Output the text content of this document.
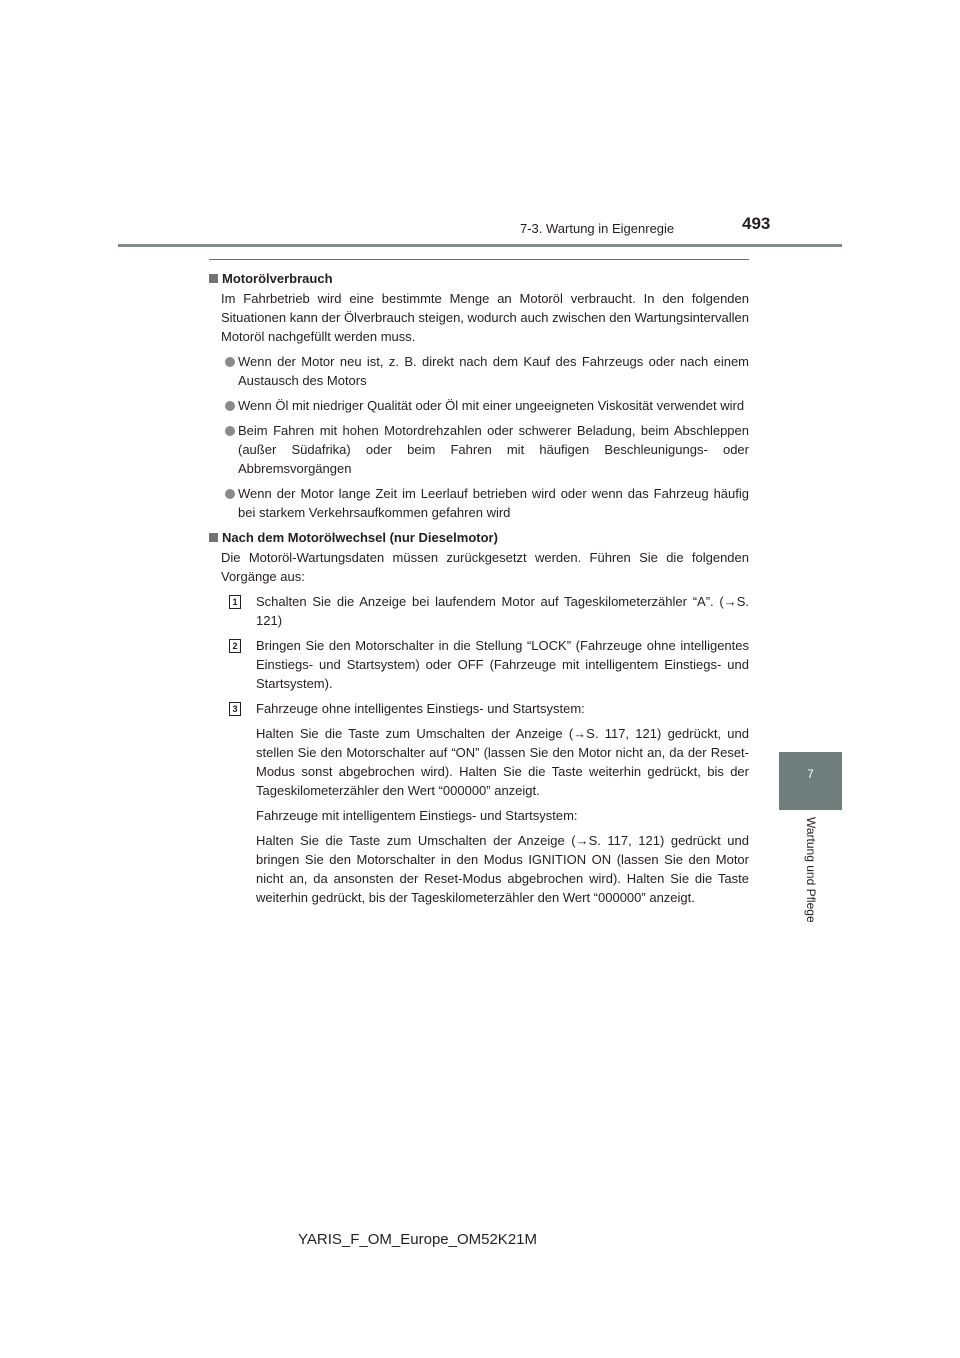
7-3. Wartung in Eigenregie	493
7
Wartung und Pflege
Motorölverbrauch
Im Fahrbetrieb wird eine bestimmte Menge an Motoröl verbraucht. In den folgenden Situationen kann der Ölverbrauch steigen, wodurch auch zwischen den Wartungsintervallen Motoröl nachgefüllt werden muss.
Wenn der Motor neu ist, z. B. direkt nach dem Kauf des Fahrzeugs oder nach einem Austausch des Motors
Wenn Öl mit niedriger Qualität oder Öl mit einer ungeeigneten Viskosität verwendet wird
Beim Fahren mit hohen Motordrehzahlen oder schwerer Beladung, beim Abschleppen (außer Südafrika) oder beim Fahren mit häufigen Beschleunigungs- oder Abbremsvorgängen
Wenn der Motor lange Zeit im Leerlauf betrieben wird oder wenn das Fahrzeug häufig bei starkem Verkehrsaufkommen gefahren wird
Nach dem Motorölwechsel (nur Dieselmotor)
Die Motoröl-Wartungsdaten müssen zurückgesetzt werden. Führen Sie die folgenden Vorgänge aus:
1 Schalten Sie die Anzeige bei laufendem Motor auf Tageskilometerzähler “A”. (→S. 121)
2 Bringen Sie den Motorschalter in die Stellung “LOCK” (Fahrzeuge ohne intelligentes Einstiegs- und Startsystem) oder OFF (Fahrzeuge mit intelligentem Einstiegs- und Startsystem).
3 Fahrzeuge ohne intelligentes Einstiegs- und Startsystem:
Halten Sie die Taste zum Umschalten der Anzeige (→S. 117, 121) gedrückt, und stellen Sie den Motorschalter auf “ON” (lassen Sie den Motor nicht an, da der Reset-Modus sonst abgebrochen wird). Halten Sie die Taste weiterhin gedrückt, bis der Tageskilometerzähler den Wert “000000” anzeigt.
Fahrzeuge mit intelligentem Einstiegs- und Startsystem:
Halten Sie die Taste zum Umschalten der Anzeige (→S. 117, 121) gedrückt und bringen Sie den Motorschalter in den Modus IGNITION ON (lassen Sie den Motor nicht an, da ansonsten der Reset-Modus abgebrochen wird). Halten Sie die Taste weiterhin gedrückt, bis der Tageskilometerzähler den Wert “000000” anzeigt.
YARIS_F_OM_Europe_OM52K21M
